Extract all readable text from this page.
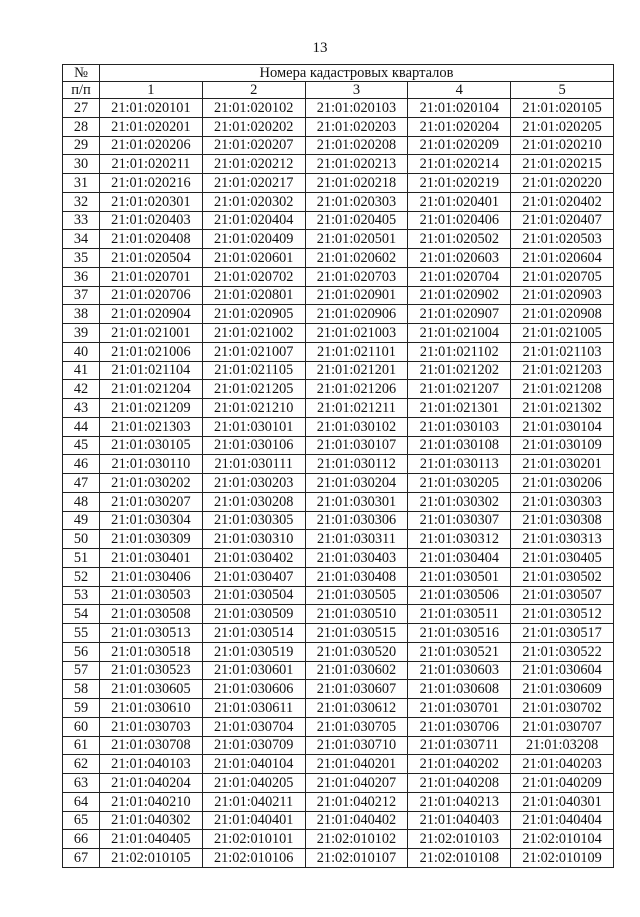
13
№	Номера кадастровых кварталов				
п/п	1	2	3	4	5
27	21:01:020101	21:01:020102	21:01:020103	21:01:020104	21:01:020105
28	21:01:020201	21:01:020202	21:01:020203	21:01:020204	21:01:020205
29	21:01:020206	21:01:020207	21:01:020208	21:01:020209	21:01:020210
30	21:01:020211	21:01:020212	21:01:020213	21:01:020214	21:01:020215
31	21:01:020216	21:01:020217	21:01:020218	21:01:020219	21:01:020220
32	21:01:020301	21:01:020302	21:01:020303	21:01:020401	21:01:020402
33	21:01:020403	21:01:020404	21:01:020405	21:01:020406	21:01:020407
34	21:01:020408	21:01:020409	21:01:020501	21:01:020502	21:01:020503
35	21:01:020504	21:01:020601	21:01:020602	21:01:020603	21:01:020604
36	21:01:020701	21:01:020702	21:01:020703	21:01:020704	21:01:020705
37	21:01:020706	21:01:020801	21:01:020901	21:01:020902	21:01:020903
38	21:01:020904	21:01:020905	21:01:020906	21:01:020907	21:01:020908
39	21:01:021001	21:01:021002	21:01:021003	21:01:021004	21:01:021005
40	21:01:021006	21:01:021007	21:01:021101	21:01:021102	21:01:021103
41	21:01:021104	21:01:021105	21:01:021201	21:01:021202	21:01:021203
42	21:01:021204	21:01:021205	21:01:021206	21:01:021207	21:01:021208
43	21:01:021209	21:01:021210	21:01:021211	21:01:021301	21:01:021302
44	21:01:021303	21:01:030101	21:01:030102	21:01:030103	21:01:030104
45	21:01:030105	21:01:030106	21:01:030107	21:01:030108	21:01:030109
46	21:01:030110	21:01:030111	21:01:030112	21:01:030113	21:01:030201
47	21:01:030202	21:01:030203	21:01:030204	21:01:030205	21:01:030206
48	21:01:030207	21:01:030208	21:01:030301	21:01:030302	21:01:030303
49	21:01:030304	21:01:030305	21:01:030306	21:01:030307	21:01:030308
50	21:01:030309	21:01:030310	21:01:030311	21:01:030312	21:01:030313
51	21:01:030401	21:01:030402	21:01:030403	21:01:030404	21:01:030405
52	21:01:030406	21:01:030407	21:01:030408	21:01:030501	21:01:030502
53	21:01:030503	21:01:030504	21:01:030505	21:01:030506	21:01:030507
54	21:01:030508	21:01:030509	21:01:030510	21:01:030511	21:01:030512
55	21:01:030513	21:01:030514	21:01:030515	21:01:030516	21:01:030517
56	21:01:030518	21:01:030519	21:01:030520	21:01:030521	21:01:030522
57	21:01:030523	21:01:030601	21:01:030602	21:01:030603	21:01:030604
58	21:01:030605	21:01:030606	21:01:030607	21:01:030608	21:01:030609
59	21:01:030610	21:01:030611	21:01:030612	21:01:030701	21:01:030702
60	21:01:030703	21:01:030704	21:01:030705	21:01:030706	21:01:030707
61	21:01:030708	21:01:030709	21:01:030710	21:01:030711	21:01:03208
62	21:01:040103	21:01:040104	21:01:040201	21:01:040202	21:01:040203
63	21:01:040204	21:01:040205	21:01:040207	21:01:040208	21:01:040209
64	21:01:040210	21:01:040211	21:01:040212	21:01:040213	21:01:040301
65	21:01:040302	21:01:040401	21:01:040402	21:01:040403	21:01:040404
66	21:01:040405	21:02:010101	21:02:010102	21:02:010103	21:02:010104
67	21:02:010105	21:02:010106	21:02:010107	21:02:010108	21:02:010109
